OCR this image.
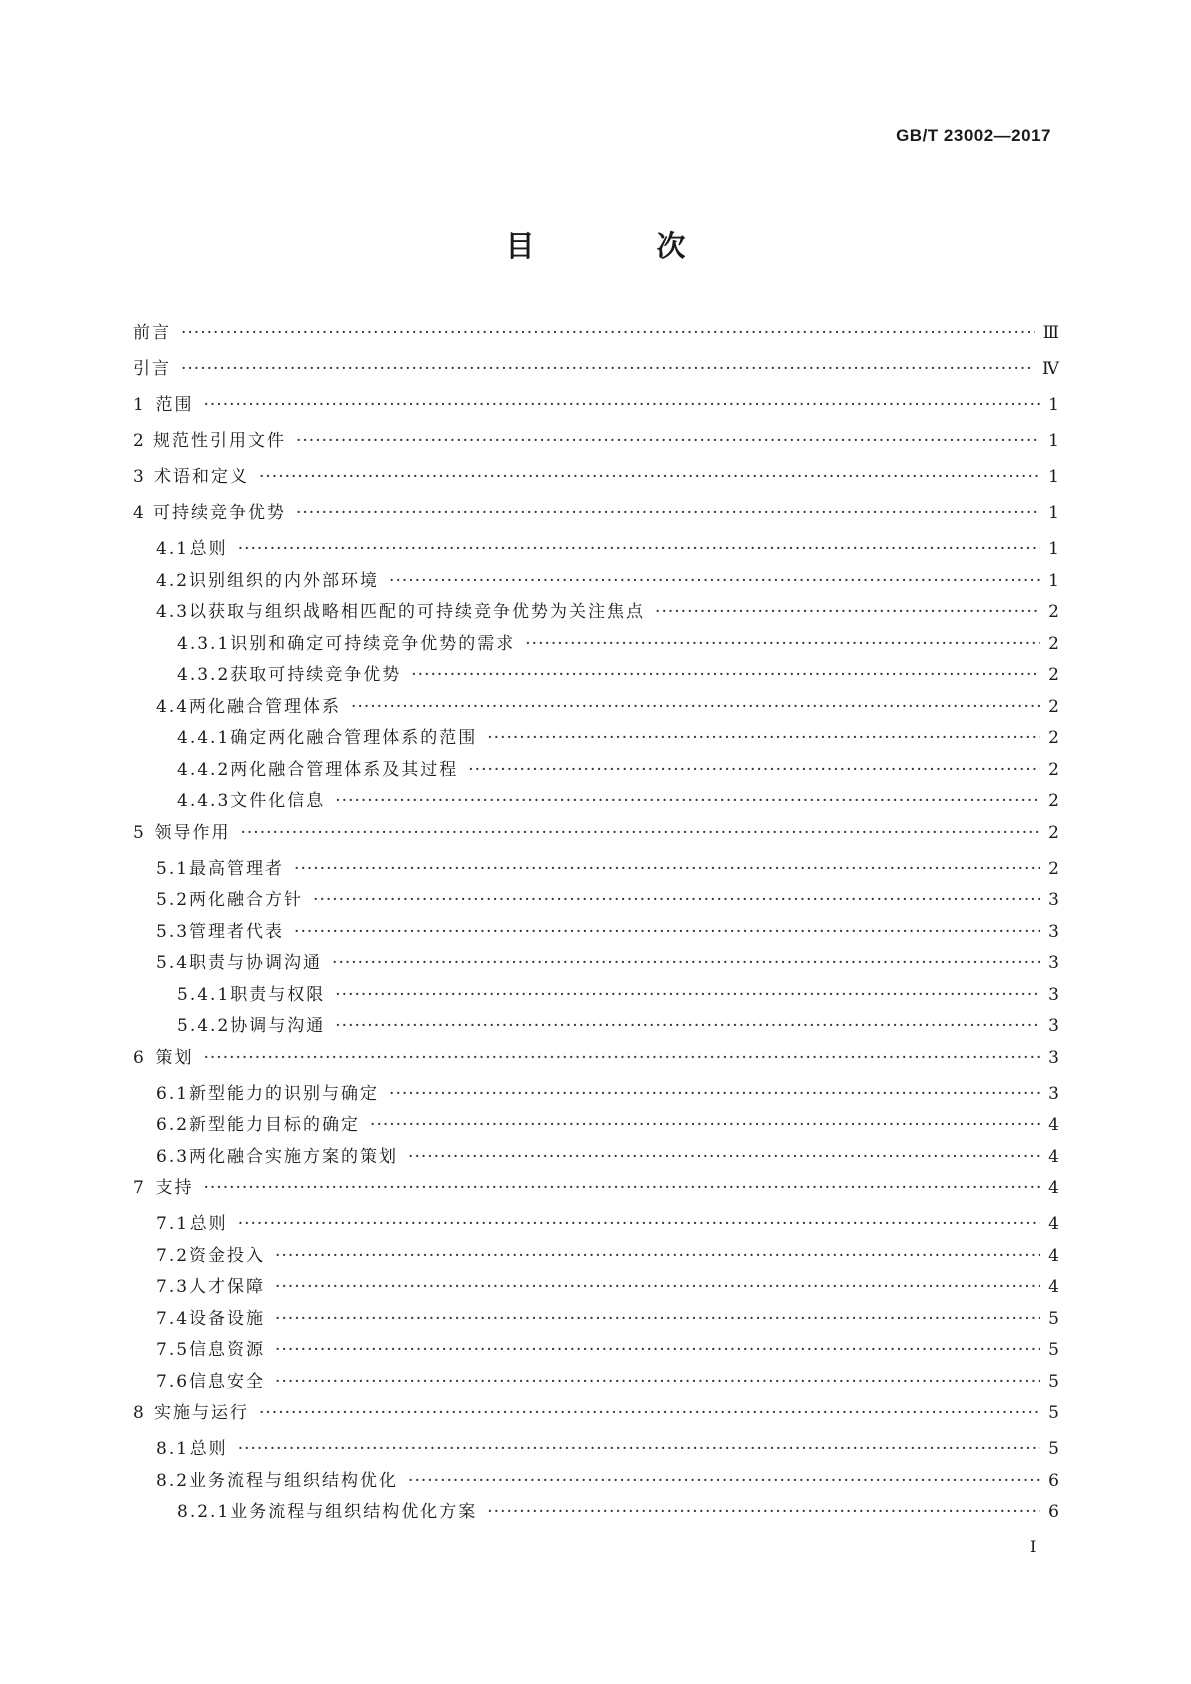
GB/T 23002—2017
目 次
前言 ·····	Ⅲ
引言 ·····	Ⅳ
1 范围 ·····	1
2 规范性引用文件 ·····	1
3 术语和定义 ·····	1
4 可持续竞争优势 ·····	1
4.1 总则 ·····	1
4.2 识别组织的内外部环境 ·····	1
4.3 以获取与组织战略相匹配的可持续竞争优势为关注焦点 ·····	2
4.3.1 识别和确定可持续竞争优势的需求 ·····	2
4.3.2 获取可持续竞争优势 ·····	2
4.4 两化融合管理体系 ·····	2
4.4.1 确定两化融合管理体系的范围 ·····	2
4.4.2 两化融合管理体系及其过程 ·····	2
4.4.3 文件化信息 ·····	2
5 领导作用 ·····	2
5.1 最高管理者 ·····	2
5.2 两化融合方针 ·····	3
5.3 管理者代表 ·····	3
5.4 职责与协调沟通 ·····	3
5.4.1 职责与权限 ·····	3
5.4.2 协调与沟通 ·····	3
6 策划 ·····	3
6.1 新型能力的识别与确定 ·····	3
6.2 新型能力目标的确定 ·····	4
6.3 两化融合实施方案的策划 ·····	4
7 支持 ·····	4
7.1 总则 ·····	4
7.2 资金投入 ·····	4
7.3 人才保障 ·····	4
7.4 设备设施 ·····	5
7.5 信息资源 ·····	5
7.6 信息安全 ·····	5
8 实施与运行 ·····	5
8.1 总则 ·····	5
8.2 业务流程与组织结构优化 ·····	6
8.2.1 业务流程与组织结构优化方案 ·····	6
I
